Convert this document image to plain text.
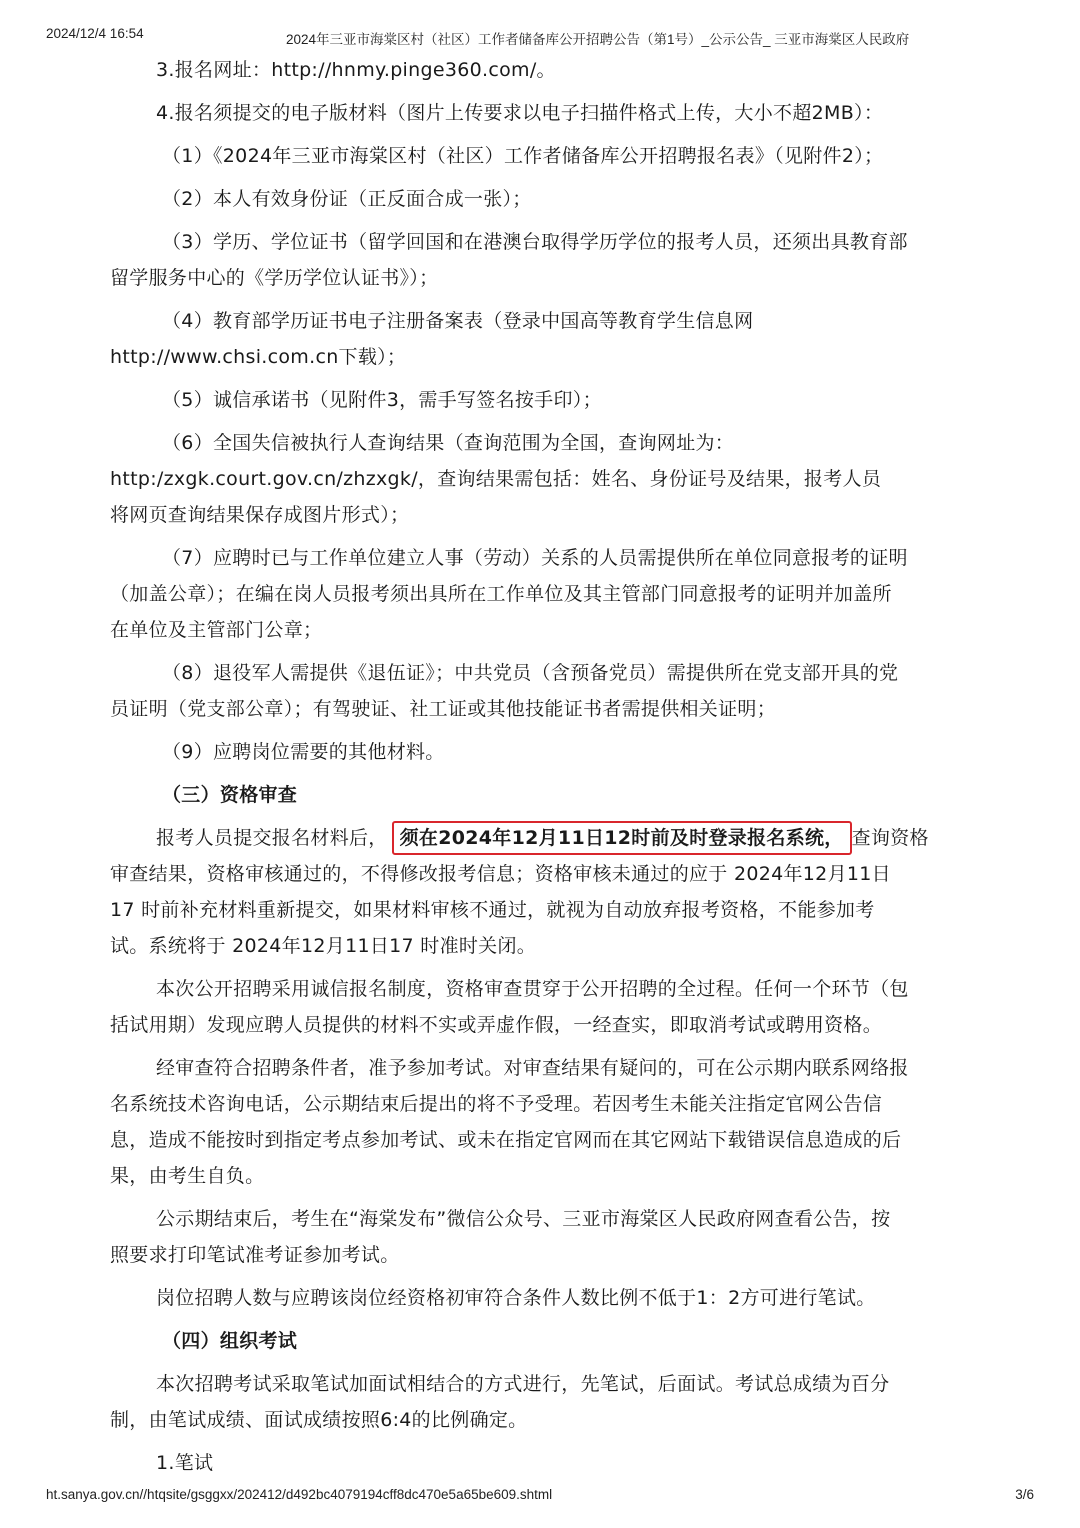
2024/12/4 16:54	2024年三亚市海棠区村（社区）工作者储备库公开招聘公告（第1号）_公示公告_ 三亚市海棠区人民政府
3.报名网址：http://hnmy.pinge360.com/。
4.报名须提交的电子版材料（图片上传要求以电子扫描件格式上传，大小不超2MB）：
（1）《2024年三亚市海棠区村（社区）工作者储备库公开招聘报名表》（见附件2）；
（2）本人有效身份证（正反面合成一张）；
（3）学历、学位证书（留学回国和在港澳台取得学历学位的报考人员，还须出具教育部
留学服务中心的《学历学位认证书》）；
（4）教育部学历证书电子注册备案表（登录中国高等教育学生信息网
http://www.chsi.com.cn下载）；
（5）诚信承诺书（见附件3，需手写签名按手印）；
（6）全国失信被执行人查询结果（查询范围为全国，查询网址为：
http:/zxgk.court.gov.cn/zhzxgk/，查询结果需包括：姓名、身份证号及结果，报考人员
将网页查询结果保存成图片形式）；
（7）应聘时已与工作单位建立人事（劳动）关系的人员需提供所在单位同意报考的证明
（加盖公章）；在编在岗人员报考须出具所在工作单位及其主管部门同意报考的证明并加盖所
在单位及主管部门公章；
（8）退役军人需提供《退伍证》；中共党员（含预备党员）需提供所在党支部开具的党
员证明（党支部公章）；有驾驶证、社工证或其他技能证书者需提供相关证明；
（9）应聘岗位需要的其他材料。
（三）资格审查
报考人员提交报名材料后， 须在2024年12月11日12时前及时登录报名系统， 查询资格
审查结果，资格审核通过的，不得修改报考信息；资格审核未通过的应于 2024年12月11日
17 时前补充材料重新提交，如果材料审核不通过，就视为自动放弃报考资格，不能参加考
试。系统将于 2024年12月11日17 时准时关闭。
本次公开招聘采用诚信报名制度，资格审查贯穿于公开招聘的全过程。任何一个环节（包
括试用期）发现应聘人员提供的材料不实或弄虚作假，一经查实，即取消考试或聘用资格。
经审查符合招聘条件者，准予参加考试。对审查结果有疑问的，可在公示期内联系网络报
名系统技术咨询电话，公示期结束后提出的将不予受理。若因考生未能关注指定官网公告信
息，造成不能按时到指定考点参加考试、或未在指定官网而在其它网站下载错误信息造成的后
果，由考生自负。
公示期结束后，考生在“海棠发布”微信公众号、三亚市海棠区人民政府网查看公告，按
照要求打印笔试准考证参加考试。
岗位招聘人数与应聘该岗位经资格初审符合条件人数比例不低于1：2方可进行笔试。
（四）组织考试
本次招聘考试采取笔试加面试相结合的方式进行，先笔试，后面试。考试总成绩为百分
制，由笔试成绩、面试成绩按照6:4的比例确定。
1.笔试
ht.sanya.gov.cn//htqsite/gsggxx/202412/d492bc4079194cff8dc470e5a65be609.shtml	3/6
